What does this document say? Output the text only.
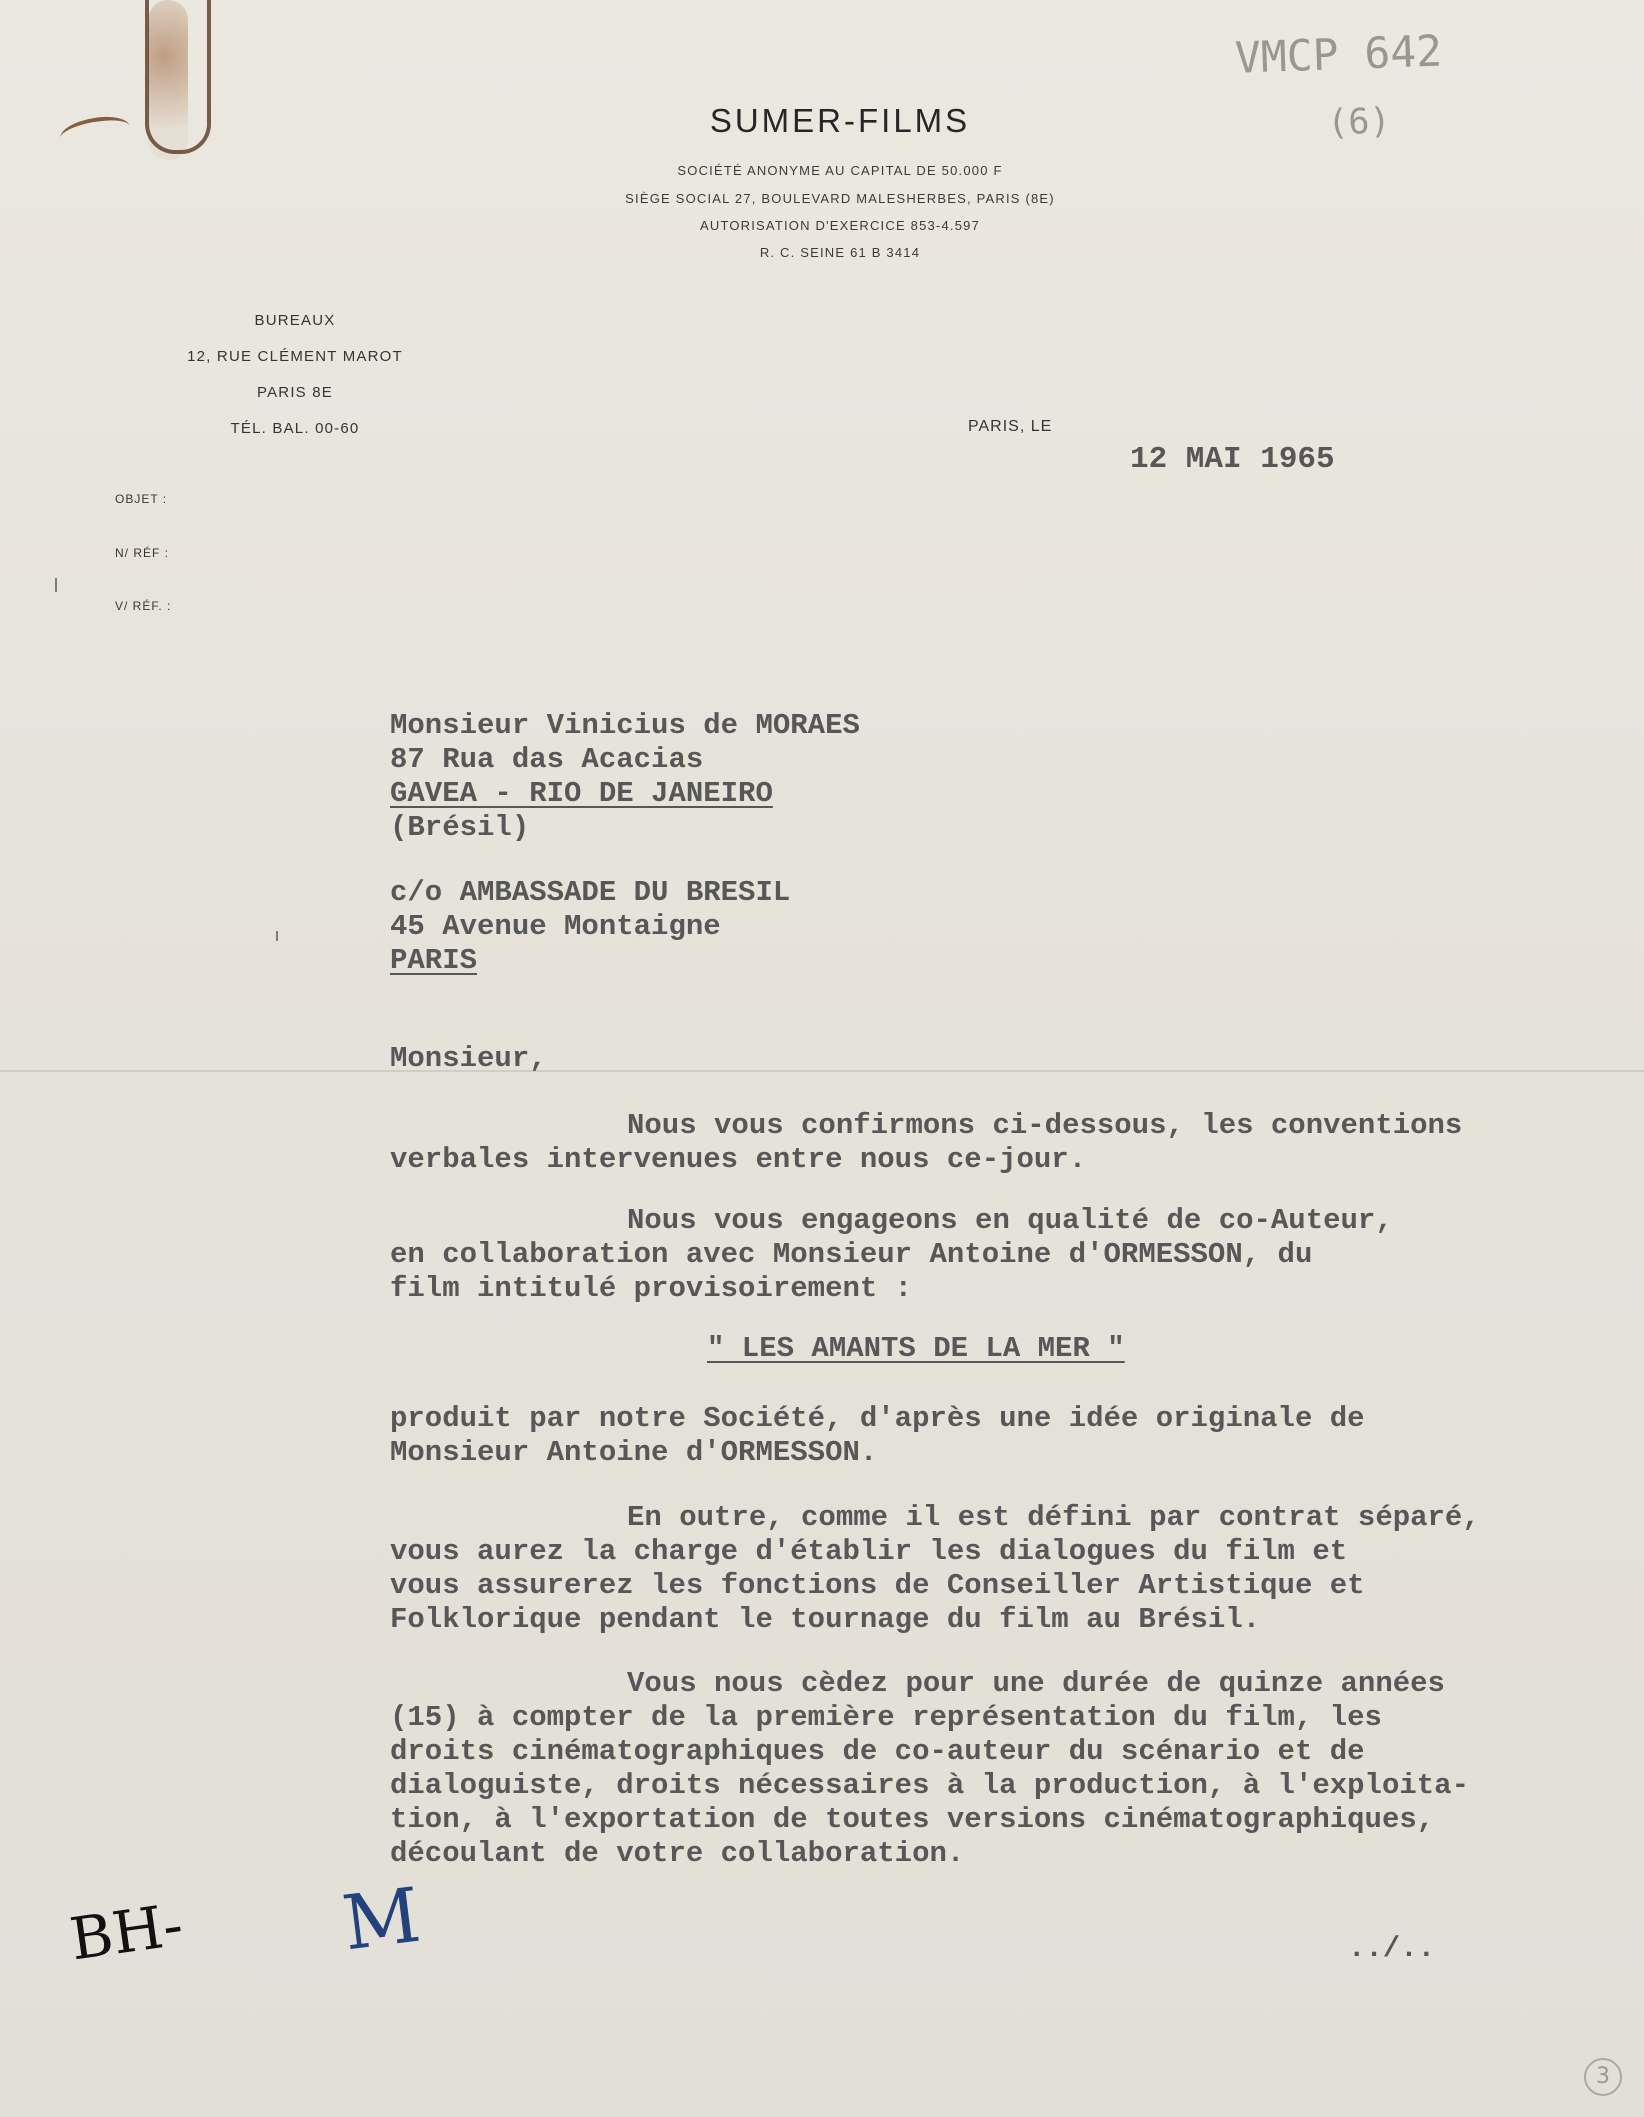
SUMER-FILMS
SOCIÉTÉ ANONYME AU CAPITAL DE 50.000 F
SIÈGE SOCIAL 27, BOULEVARD MALESHERBES, PARIS (8E)
AUTORISATION D'EXERCICE 853-4.597
R. C. SEINE 61 B 3414
BUREAUX
12, RUE CLÉMENT MAROT
PARIS 8E
TÉL. BAL. 00-60
OBJET :
N/ RÉF :
V/ RÉF. :
PARIS, LE
12 MAI 1965
VMCP 642
(6)
Monsieur Vinicius de MORAES
87 Rua das Acacias
GAVEA - RIO DE JANEIRO
(Brésil)
c/o AMBASSADE DU BRESIL
45 Avenue Montaigne
PARIS
Monsieur,
Nous vous confirmons ci-dessous, les conventions
verbales intervenues entre nous ce-jour.
Nous vous engageons en qualité de co-Auteur,
en collaboration avec Monsieur Antoine d'ORMESSON, du
film intitulé provisoirement :
" LES AMANTS DE LA MER "
produit par notre Société, d'après une idée originale de
Monsieur Antoine d'ORMESSON.
En outre, comme il est défini par contrat séparé,
vous aurez la charge d'établir les dialogues du film et
vous assurerez les fonctions de Conseiller Artistique et
Folklorique pendant le tournage du film au Brésil.
Vous nous cèdez pour une durée de quinze années
(15) à compter de la première représentation du film, les
droits cinématographiques de co-auteur du scénario et de
dialoguiste, droits nécessaires à la production, à l'exploita-
tion, à l'exportation de toutes versions cinématographiques,
découlant de votre collaboration.
../..
BH- M
3
